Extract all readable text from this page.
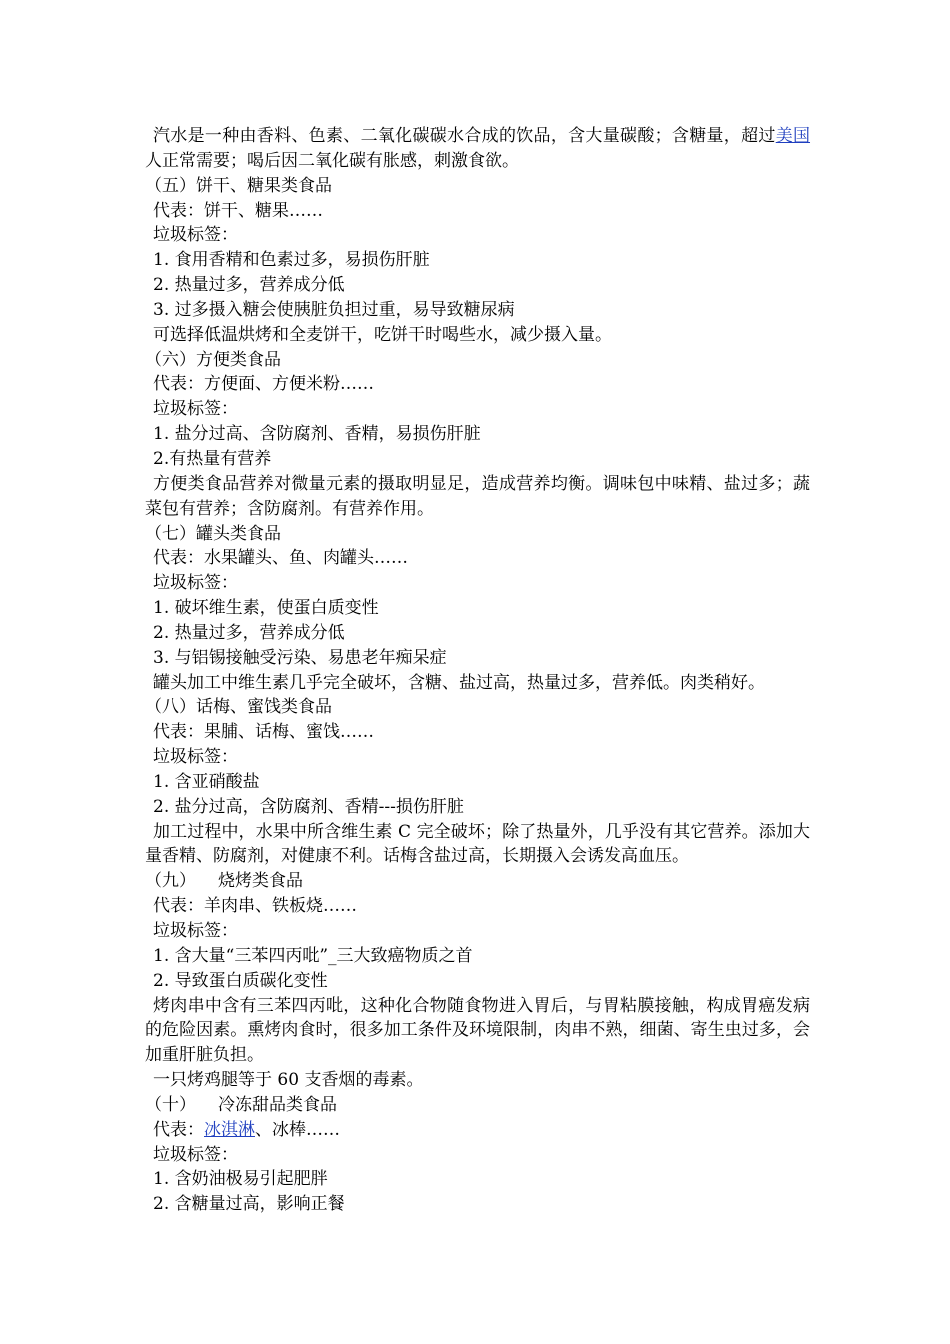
汽水是一种由香料、色素、二氧化碳碳水合成的饮品，含大量碳酸；含糖量，超过美国人正常需要；喝后因二氧化碳有胀感，刺激食欲。
（五）饼干、糖果类食品
代表：饼干、糖果……
垃圾标签：
1. 食用香精和色素过多，易损伤肝脏
2. 热量过多，营养成分低
3. 过多摄入糖会使胰脏负担过重，易导致糖尿病
可选择低温烘烤和全麦饼干，吃饼干时喝些水，减少摄入量。
（六）方便类食品
代表：方便面、方便米粉……
垃圾标签：
1. 盐分过高、含防腐剂、香精，易损伤肝脏
2.有热量有营养
方便类食品营养对微量元素的摄取明显足，造成营养均衡。调味包中味精、盐过多；蔬菜包有营养；含防腐剂。有营养作用。
（七）罐头类食品
代表：水果罐头、鱼、肉罐头……
垃圾标签：
1. 破坏维生素，使蛋白质变性
2. 热量过多，营养成分低
3. 与铝锡接触受污染、易患老年痴呆症
罐头加工中维生素几乎完全破坏，含糖、盐过高，热量过多，营养低。肉类稍好。
（八）话梅、蜜饯类食品
代表：果脯、话梅、蜜饯……
垃圾标签：
1. 含亚硝酸盐
2. 盐分过高，含防腐剂、香精---损伤肝脏
加工过程中，水果中所含维生素 C 完全破坏；除了热量外，几乎没有其它营养。添加大量香精、防腐剂，对健康不利。话梅含盐过高，长期摄入会诱发高血压。
（九） 烧烤类食品
代表：羊肉串、铁板烧……
垃圾标签：
1. 含大量“三苯四丙吡”_三大致癌物质之首
2. 导致蛋白质碳化变性
烤肉串中含有三苯四丙吡，这种化合物随食物进入胃后，与胃粘膜接触，构成胃癌发病的危险因素。熏烤肉食时，很多加工条件及环境限制，肉串不熟，细菌、寄生虫过多，会加重肝脏负担。
一只烤鸡腿等于 60 支香烟的毒素。
（十） 冷冻甜品类食品
代表：冰淇淋、冰棒……
垃圾标签：
1. 含奶油极易引起肥胖
2. 含糖量过高，影响正餐
